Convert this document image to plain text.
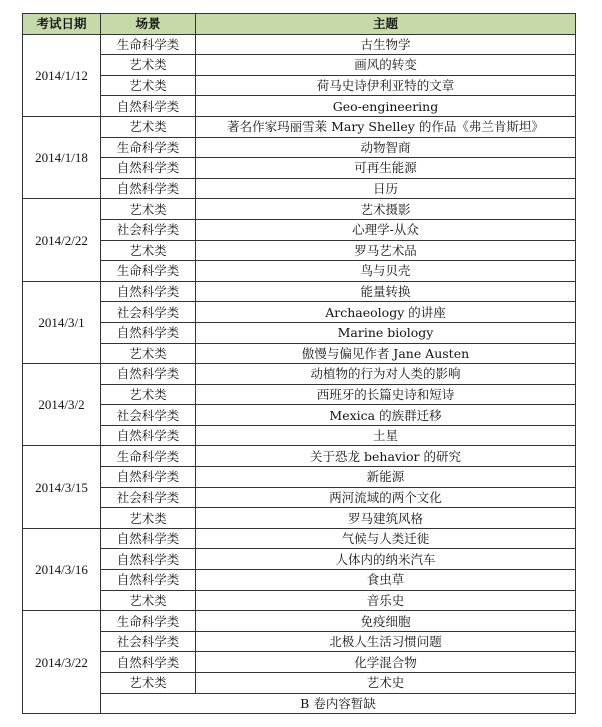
考试日期	场景	主题
2014/1/12	生命科学类	古生物学
	艺术类	画风的转变
	艺术类	荷马史诗伊利亚特的文章
	自然科学类	Geo-engineering
2014/1/18	艺术类	著名作家玛丽雪莱 Mary Shelley 的作品《弗兰肯斯坦》
	生命科学类	动物智商
	自然科学类	可再生能源
	自然科学类	日历
2014/2/22	艺术类	艺术摄影
	社会科学类	心理学-从众
	艺术类	罗马艺术品
	生命科学类	鸟与贝壳
2014/3/1	自然科学类	能量转换
	社会科学类	Archaeology 的讲座
	自然科学类	Marine biology
	艺术类	傲慢与偏见作者 Jane Austen
2014/3/2	自然科学类	动植物的行为对人类的影响
	艺术类	西班牙的长篇史诗和短诗
	社会科学类	Mexica 的族群迁移
	自然科学类	土星
2014/3/15	生命科学类	关于恐龙 behavior 的研究
	自然科学类	新能源
	社会科学类	两河流域的两个文化
	艺术类	罗马建筑风格
2014/3/16	自然科学类	气候与人类迁徙
	自然科学类	人体内的纳米汽车
	自然科学类	食虫草
	艺术类	音乐史
2014/3/22	生命科学类	免疫细胞
	社会科学类	北极人生活习惯问题
	自然科学类	化学混合物
	艺术类	艺术史
	B 卷内容暂缺	
